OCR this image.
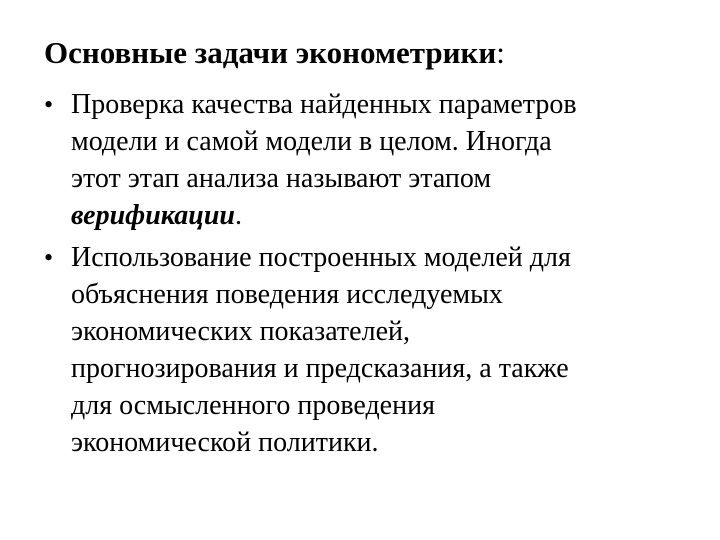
Основные задачи эконометрики:
• Проверка качества найденных параметров
модели и самой модели в целом. Иногда
этот этап анализа называют этапом
верификации.
• Использование построенных моделей для
объяснения поведения исследуемых
экономических показателей,
прогнозирования и предсказания, а также
для осмысленного проведения
экономической политики.
